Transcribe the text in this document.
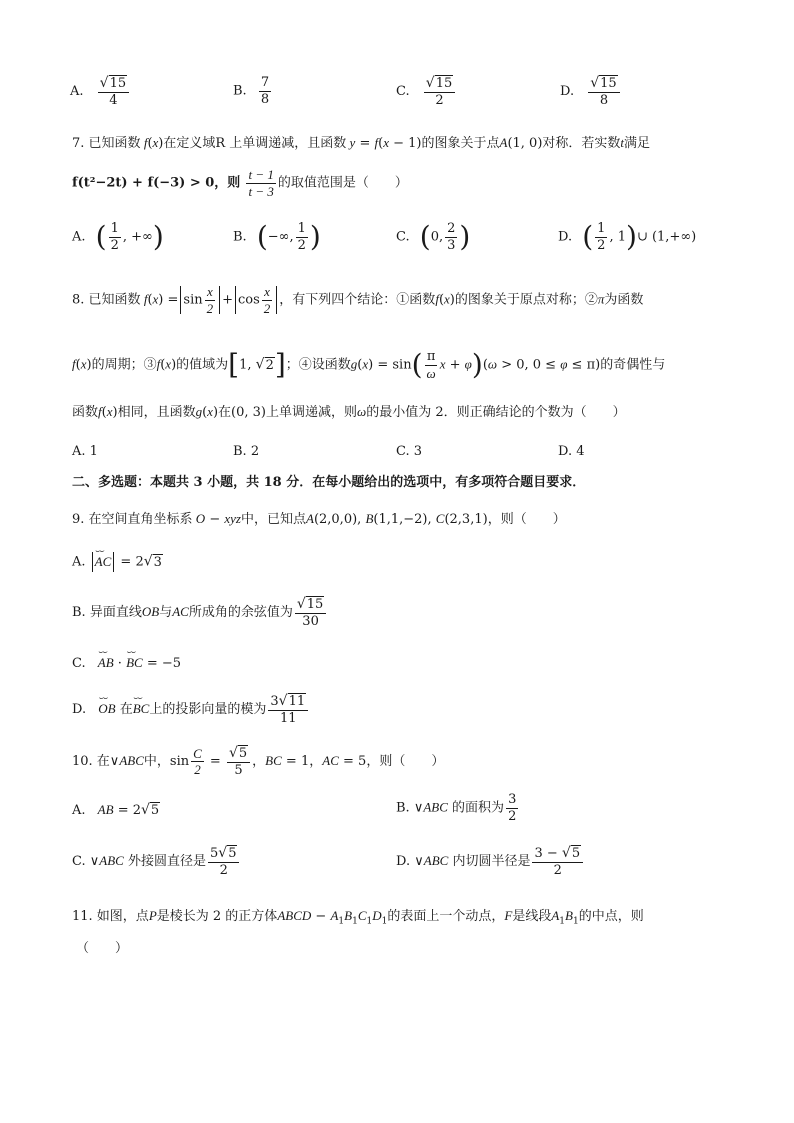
A. $\frac{√15}{4}$	B. $\frac{7}{8}$	C. $\frac{√15}{2}$	D. $\frac{√15}{8}$
7. 已知函数 f(x)在定义域R 上单调递减，且函数 y = f(x − 1)的图象关于点A(1, 0)对称．若实数t满足
f(t²−2t) + f(−3) > 0，则 $\frac{t - 1}{t - 3}$ 的取值范围是（　　）
A. ( $\frac{1}{2}$ , +∞)	B. (−∞, $\frac{1}{2}$ )	C. (0, $\frac{2}{3}$ )	D. ( $\frac{1}{2}$ , 1)∪ (1,+∞)
8. 已知函数 $f(x) = \sin \frac{x}{2} + \cos \frac{x}{2}$ ，有下列四个结论：①函数f(x)的图象关于原点对称；②π为函数
f(x)的周期；③f(x)的值域为[1, √2]；④设函数$g(x) = \sin( \frac{\pi}{\omega}$ x + φ)(ω > 0, 0 ≤ φ ≤ π)的奇偶性与
函数f(x)相同，且函数g(x)在(0, 3)上单调递减，则ω的最小值为 2．则正确结论的个数为（　　）
A. 1	B. 2	C. 3	D. 4
二、多选题：本题共 3 小题，共 18 分．在每小题给出的选项中，有多项符合题目要求．
9. 在空间直角坐标系 O − xyz中，已知点A(2,0,0), B(1,1,−2), C(2,3,1)，则（　　）
A. ⌣⌣ AC = 2√3
B. 异面直线OB与AC所成角的余弦值为 $\frac{√15}{30}$
C. ⌣⌣ AB · ⌣⌣ BC = −5
D. ⌣⌣ OB 在⌣⌣ BC上的投影向量的模为 $\frac{3√11}{11}$
10. 在∨ABC中，$\sin \frac{C}{2} = \frac{√5}{5}$ ，BC = 1，AC = 5，则（　　）
A. AB = 2√5	B. ∨ABC 的面积为 $\frac{3}{2}$
C. ∨ABC 外接圆直径是 $\frac{5√5}{2}$	D. ∨ABC 内切圆半径是 $\frac{3 - √5}{2}$
11. 如图，点P是棱长为 2 的正方体ABCD − $A_1B_1C_1D_1$的表面上一个动点，F是线段$A_1B_1$的中点，则
（　　）
